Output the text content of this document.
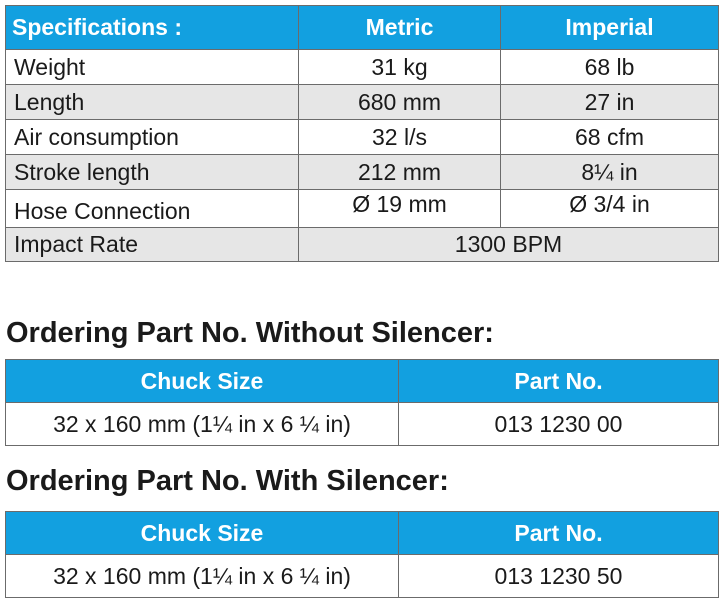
Specifications :	Metric	Imperial
Weight	31 kg	68 lb
Length	680 mm	27 in
Air consumption	32 l/s	68 cfm
Stroke length	212 mm	8¼ in
Hose Connection	Ø 19 mm	Ø 3/4 in
Impact Rate	1300 BPM	
Ordering Part No. Without Silencer:
Chuck Size	Part No.
32 x 160 mm (1¼ in x 6 ¼ in)	013 1230 00
Ordering Part No. With Silencer:
Chuck Size	Part No.
32 x 160 mm (1¼ in x 6 ¼ in)	013 1230 50
